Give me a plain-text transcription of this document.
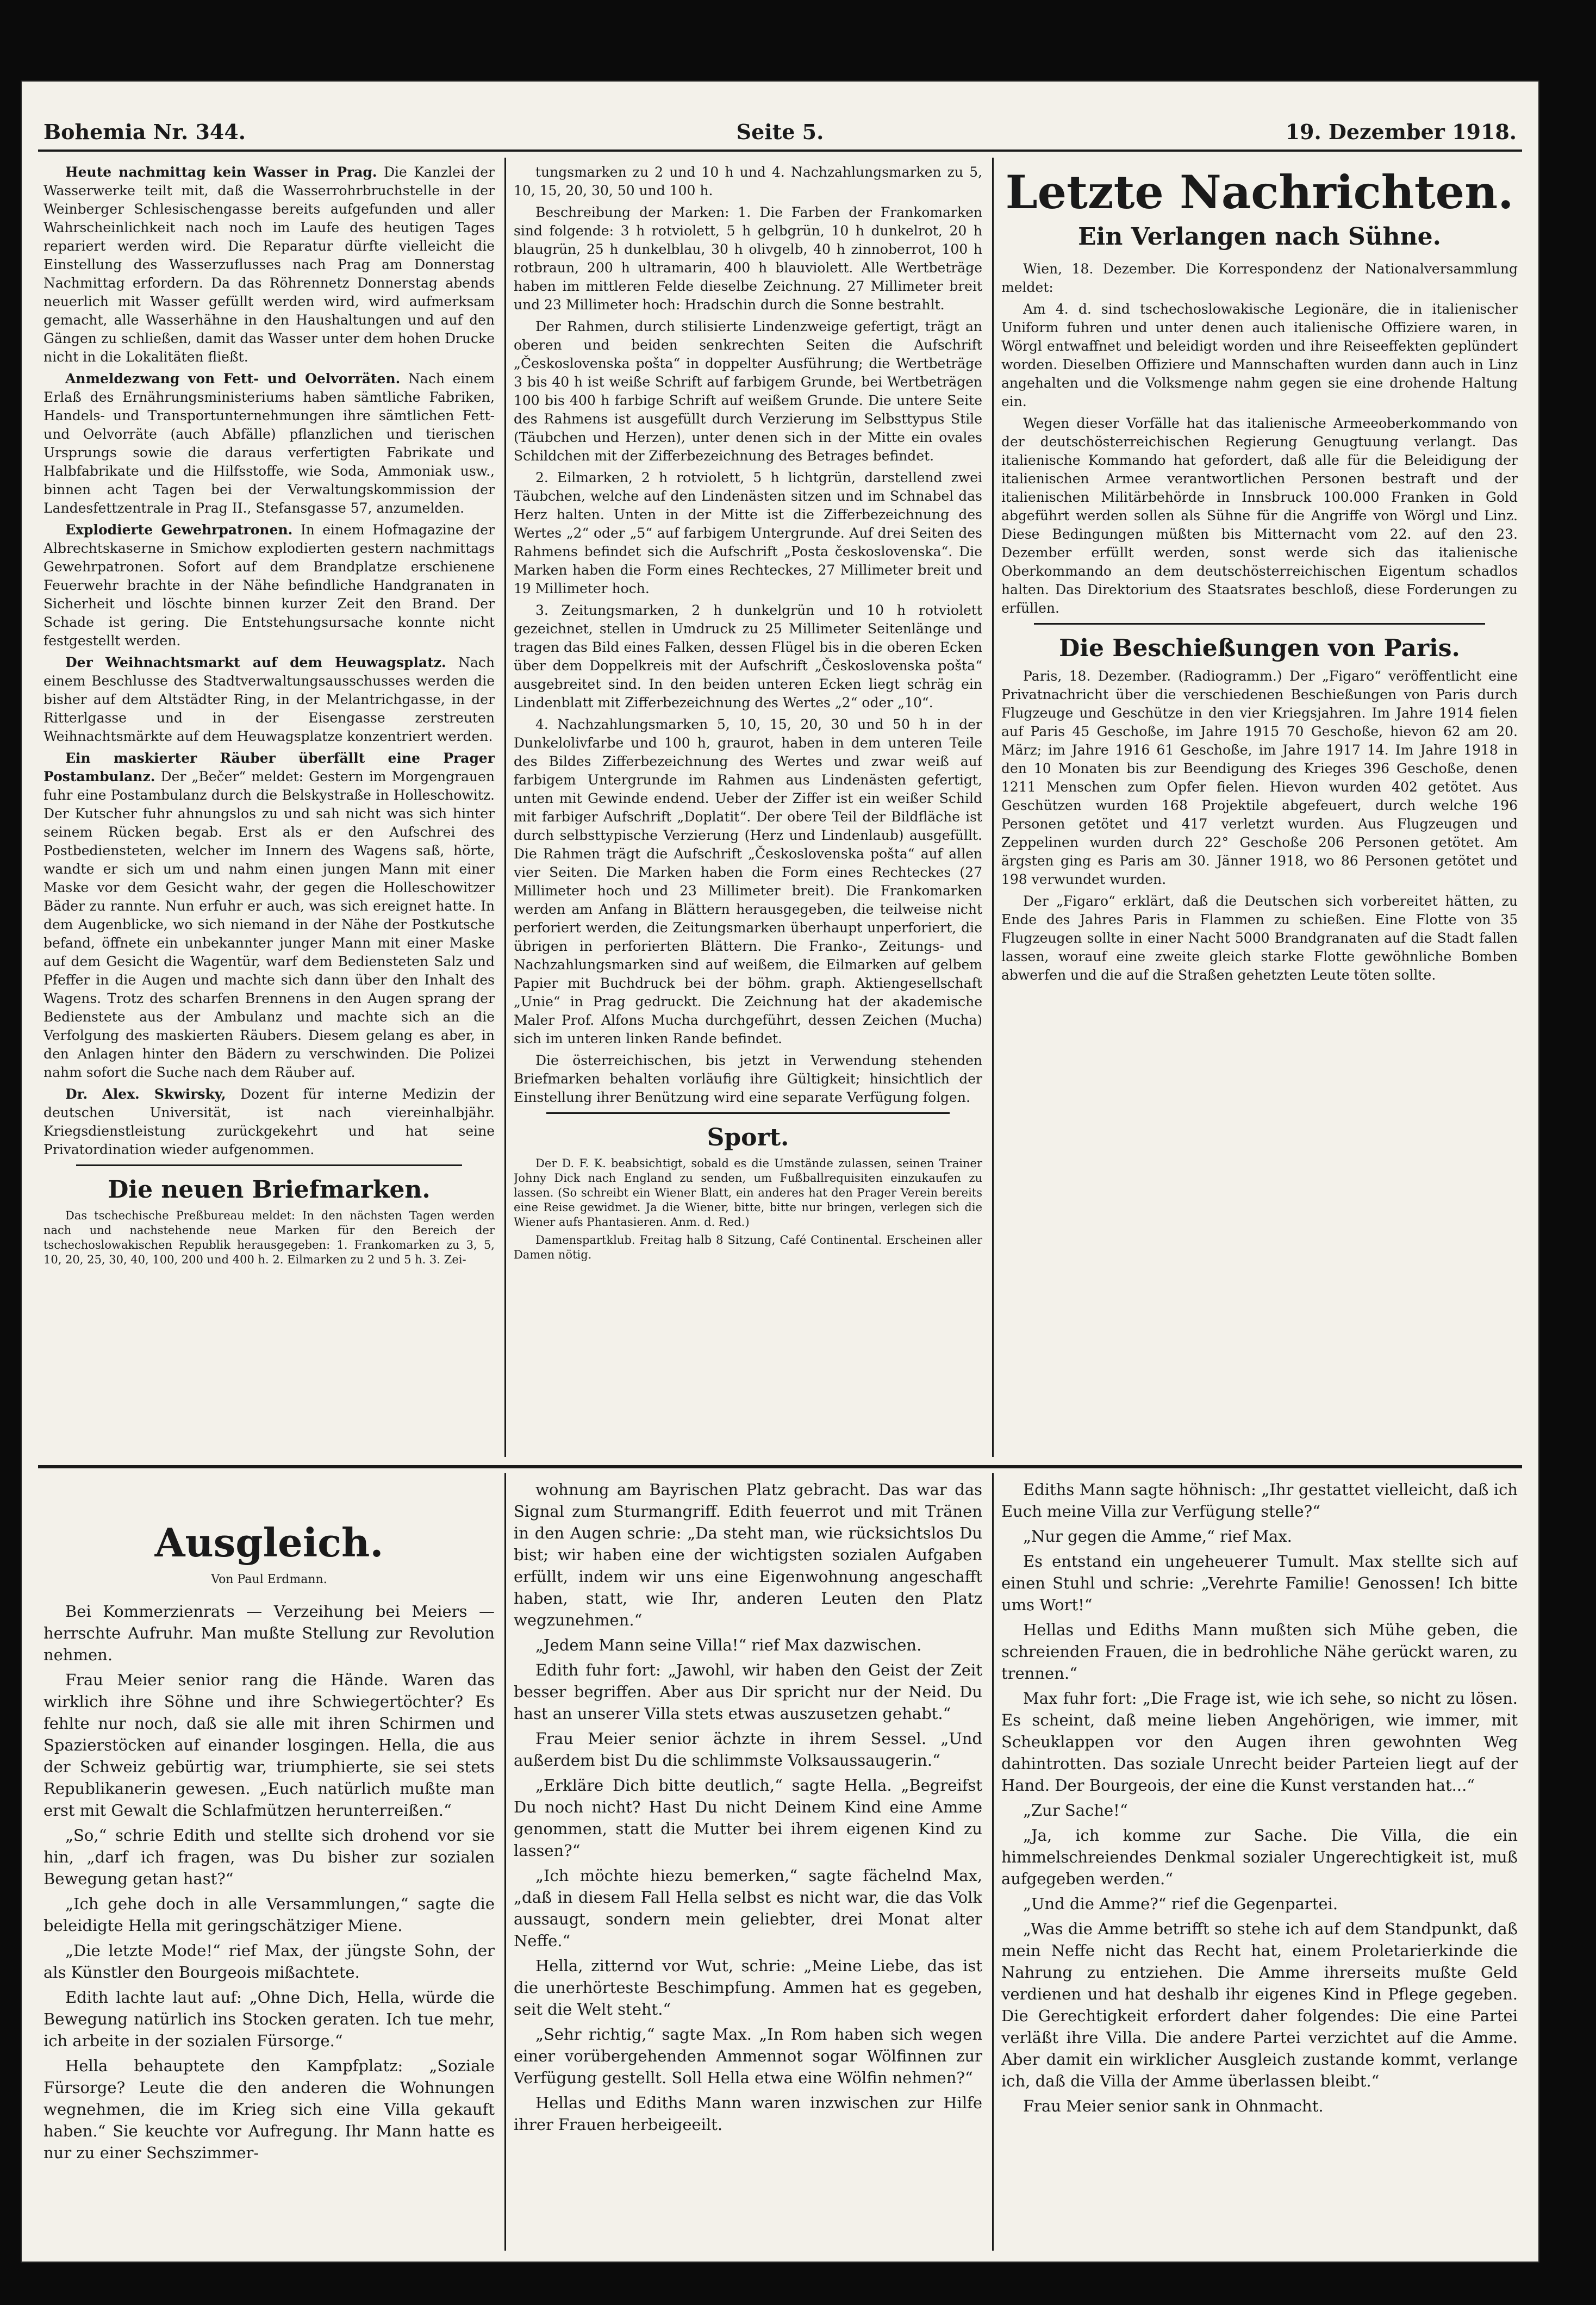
Bohemia Nr. 344.	Seite 5.	19. Dezember 1918.

Heute nachmittag kein Wasser in Prag. Die Kanzlei der Wasserwerke teilt mit, daß die Wasserrohrbruchstelle in der Weinberger Schlesischengasse bereits aufgefunden und aller Wahrscheinlichkeit nach noch im Laufe des heutigen Tages repariert werden wird. Die Reparatur dürfte vielleicht die Einstellung des Wasserzuflusses nach Prag am Donnerstag Nachmittag erfordern. Da das Röhrennetz Donnerstag abends neuerlich mit Wasser gefüllt werden wird, wird aufmerksam gemacht, alle Wasserhähne in den Haushaltungen und auf den Gängen zu schließen, damit das Wasser unter dem hohen Drucke nicht in die Lokalitäten fließt.

Anmeldezwang von Fett- und Oelvorräten. Nach einem Erlaß des Ernährungsministeriums haben sämtliche Fabriken, Handels- und Transportunternehmungen ihre sämtlichen Fett- und Oelvorräte (auch Abfälle) pflanzlichen und tierischen Ursprungs sowie die daraus verfertigten Fabrikate und Halbfabrikate und die Hilfsstoffe, wie Soda, Ammoniak usw., binnen acht Tagen bei der Verwaltungskommission der Landesfettzentrale in Prag II., Stefansgasse 57, anzumelden.

Explodierte Gewehrpatronen. In einem Hofmagazine der Albrechtskaserne in Smichow explodierten gestern nachmittags Gewehrpatronen. Sofort auf dem Brandplatze erschienene Feuerwehr brachte in der Nähe befindliche Handgranaten in Sicherheit und löschte binnen kurzer Zeit den Brand. Der Schade ist gering. Die Entstehungsursache konnte nicht festgestellt werden.

Der Weihnachtsmarkt auf dem Heuwagsplatz. Nach einem Beschlusse des Stadtverwaltungsausschusses werden die bisher auf dem Altstädter Ring, in der Melantrichgasse, in der Ritterlgasse und in der Eisengasse zerstreuten Weihnachtsmärkte auf dem Heuwagsplatze konzentriert werden.

Ein maskierter Räuber überfällt eine Prager Postambulanz. Der „Bečer“ meldet: Gestern im Morgengrauen fuhr eine Postambulanz durch die Belskystraße in Holleschowitz. Der Kutscher fuhr ahnungslos zu und sah nicht was sich hinter seinem Rücken begab. Erst als er den Aufschrei des Postbediensteten, welcher im Innern des Wagens saß, hörte, wandte er sich um und nahm einen jungen Mann mit einer Maske vor dem Gesicht wahr, der gegen die Holleschowitzer Bäder zu rannte. Nun erfuhr er auch, was sich ereignet hatte. In dem Augenblicke, wo sich niemand in der Nähe der Postkutsche befand, öffnete ein unbekannter junger Mann mit einer Maske auf dem Gesicht die Wagentür, warf dem Bediensteten Salz und Pfeffer in die Augen und machte sich dann über den Inhalt des Wagens. Trotz des scharfen Brennens in den Augen sprang der Bedienstete aus der Ambulanz und machte sich an die Verfolgung des maskierten Räubers. Diesem gelang es aber, in den Anlagen hinter den Bädern zu verschwinden. Die Polizei nahm sofort die Suche nach dem Räuber auf.

Dr. Alex. Skwirsky, Dozent für interne Medizin der deutschen Universität, ist nach viereinhalbjähr. Kriegsdienstleistung zurückgekehrt und hat seine Privatordination wieder aufgenommen.

Die neuen Briefmarken.

Das tschechische Preßbureau meldet: In den nächsten Tagen werden nach und nachstehende neue Marken für den Bereich der tschechoslowakischen Republik herausgegeben: 1. Frankomarken zu 3, 5, 10, 20, 25, 30, 40, 100, 200 und 400 h. 2. Eilmarken zu 2 und 5 h. 3. Zei-

tungsmarken zu 2 und 10 h und 4. Nachzahlungsmarken zu 5, 10, 15, 20, 30, 50 und 100 h.

Beschreibung der Marken: 1. Die Farben der Frankomarken sind folgende: 3 h rotviolett, 5 h gelbgrün, 10 h dunkelrot, 20 h blaugrün, 25 h dunkelblau, 30 h olivgelb, 40 h zinnoberrot, 100 h rotbraun, 200 h ultramarin, 400 h blauviolett. Alle Wertbeträge haben im mittleren Felde dieselbe Zeichnung. 27 Millimeter breit und 23 Millimeter hoch: Hradschin durch die Sonne bestrahlt.

Der Rahmen, durch stilisierte Lindenzweige gefertigt, trägt an oberen und beiden senkrechten Seiten die Aufschrift „Československa pošta“ in doppelter Ausführung; die Wertbeträge 3 bis 40 h ist weiße Schrift auf farbigem Grunde, bei Wertbeträgen 100 bis 400 h farbige Schrift auf weißem Grunde. Die untere Seite des Rahmens ist ausgefüllt durch Verzierung im Selbsttypus Stile (Täubchen und Herzen), unter denen sich in der Mitte ein ovales Schildchen mit der Zifferbezeichnung des Betrages befindet.

2. Eilmarken, 2 h rotviolett, 5 h lichtgrün, darstellend zwei Täubchen, welche auf den Lindenästen sitzen und im Schnabel das Herz halten. Unten in der Mitte ist die Zifferbezeichnung des Wertes „2“ oder „5“ auf farbigem Untergrunde. Auf drei Seiten des Rahmens befindet sich die Aufschrift „Posta československa“. Die Marken haben die Form eines Rechteckes, 27 Millimeter breit und 19 Millimeter hoch.

3. Zeitungsmarken, 2 h dunkelgrün und 10 h rotviolett gezeichnet, stellen in Umdruck zu 25 Millimeter Seitenlänge und tragen das Bild eines Falken, dessen Flügel bis in die oberen Ecken über dem Doppelkreis mit der Aufschrift „Československa pošta“ ausgebreitet sind. In den beiden unteren Ecken liegt schräg ein Lindenblatt mit Zifferbezeichnung des Wertes „2“ oder „10“.

4. Nachzahlungsmarken 5, 10, 15, 20, 30 und 50 h in der Dunkelolivfarbe und 100 h, graurot, haben in dem unteren Teile des Bildes Zifferbezeichnung des Wertes und zwar weiß auf farbigem Untergrunde im Rahmen aus Lindenästen gefertigt, unten mit Gewinde endend. Ueber der Ziffer ist ein weißer Schild mit farbiger Aufschrift „Doplatit“. Der obere Teil der Bildfläche ist durch selbsttypische Verzierung (Herz und Lindenlaub) ausgefüllt. Die Rahmen trägt die Aufschrift „Československa pošta“ auf allen vier Seiten. Die Marken haben die Form eines Rechteckes (27 Millimeter hoch und 23 Millimeter breit). Die Frankomarken werden am Anfang in Blättern herausgegeben, die teilweise nicht perforiert werden, die Zeitungsmarken überhaupt unperforiert, die übrigen in perforierten Blättern. Die Franko-, Zeitungs- und Nachzahlungsmarken sind auf weißem, die Eilmarken auf gelbem Papier mit Buchdruck bei der böhm. graph. Aktiengesellschaft „Unie“ in Prag gedruckt. Die Zeichnung hat der akademische Maler Prof. Alfons Mucha durchgeführt, dessen Zeichen (Mucha) sich im unteren linken Rande befindet.

Die österreichischen, bis jetzt in Verwendung stehenden Briefmarken behalten vorläufig ihre Gültigkeit; hinsichtlich der Einstellung ihrer Benützung wird eine separate Verfügung folgen.

Sport.

Der D. F. K. beabsichtigt, sobald es die Umstände zulassen, seinen Trainer Johny Dick nach England zu senden, um Fußballrequisiten einzukaufen zu lassen. (So schreibt ein Wiener Blatt, ein anderes hat den Prager Verein bereits eine Reise gewidmet. Ja die Wiener, bitte, bitte nur bringen, verlegen sich die Wiener aufs Phantasieren. Anm. d. Red.)

Damenspartklub. Freitag halb 8 Sitzung, Café Continental. Erscheinen aller Damen nötig.

Letzte Nachrichten.
Ein Verlangen nach Sühne.

Wien, 18. Dezember. Die Korrespondenz der Nationalversammlung meldet:

Am 4. d. sind tschechoslowakische Legionäre, die in italienischer Uniform fuhren und unter denen auch italienische Offiziere waren, in Wörgl entwaffnet und beleidigt worden und ihre Reiseeffekten geplündert worden. Dieselben Offiziere und Mannschaften wurden dann auch in Linz angehalten und die Volksmenge nahm gegen sie eine drohende Haltung ein.

Wegen dieser Vorfälle hat das italienische Armeeoberkommando von der deutschösterreichischen Regierung Genugtuung verlangt. Das italienische Kommando hat gefordert, daß alle für die Beleidigung der italienischen Armee verantwortlichen Personen bestraft und der italienischen Militärbehörde in Innsbruck 100.000 Franken in Gold abgeführt werden sollen als Sühne für die Angriffe von Wörgl und Linz. Diese Bedingungen müßten bis Mitternacht vom 22. auf den 23. Dezember erfüllt werden, sonst werde sich das italienische Oberkommando an dem deutschösterreichischen Eigentum schadlos halten. Das Direktorium des Staatsrates beschloß, diese Forderungen zu erfüllen.

Die Beschießungen von Paris.

Paris, 18. Dezember. (Radiogramm.) Der „Figaro“ veröffentlicht eine Privatnachricht über die verschiedenen Beschießungen von Paris durch Flugzeuge und Geschütze in den vier Kriegsjahren. Im Jahre 1914 fielen auf Paris 45 Geschoße, im Jahre 1915 70 Geschoße, hievon 62 am 20. März; im Jahre 1916 61 Geschoße, im Jahre 1917 14. Im Jahre 1918 in den 10 Monaten bis zur Beendigung des Krieges 396 Geschoße, denen 1211 Menschen zum Opfer fielen. Hievon wurden 402 getötet. Aus Geschützen wurden 168 Projektile abgefeuert, durch welche 196 Personen getötet und 417 verletzt wurden. Aus Flugzeugen und Zeppelinen wurden durch 22° Geschoße 206 Personen getötet. Am ärgsten ging es Paris am 30. Jänner 1918, wo 86 Personen getötet und 198 verwundet wurden.

Der „Figaro“ erklärt, daß die Deutschen sich vorbereitet hätten, zu Ende des Jahres Paris in Flammen zu schießen. Eine Flotte von 35 Flugzeugen sollte in einer Nacht 5000 Brandgranaten auf die Stadt fallen lassen, worauf eine zweite gleich starke Flotte gewöhnliche Bomben abwerfen und die auf die Straßen gehetzten Leute töten sollte.

Ausgleich.
Von Paul Erdmann.

Bei Kommerzienrats — Verzeihung bei Meiers — herrschte Aufruhr. Man mußte Stellung zur Revolution nehmen.

Frau Meier senior rang die Hände. Waren das wirklich ihre Söhne und ihre Schwiegertöchter? Es fehlte nur noch, daß sie alle mit ihren Schirmen und Spazierstöcken auf einander losgingen. Hella, die aus der Schweiz gebürtig war, triumphierte, sie sei stets Republikanerin gewesen. „Euch natürlich mußte man erst mit Gewalt die Schlafmützen herunterreißen.“

„So,“ schrie Edith und stellte sich drohend vor sie hin, „darf ich fragen, was Du bisher zur sozialen Bewegung getan hast?“

„Ich gehe doch in alle Versammlungen,“ sagte die beleidigte Hella mit geringschätziger Miene.

„Die letzte Mode!“ rief Max, der jüngste Sohn, der als Künstler den Bourgeois mißachtete.

Edith lachte laut auf: „Ohne Dich, Hella, würde die Bewegung natürlich ins Stocken geraten. Ich tue mehr, ich arbeite in der sozialen Fürsorge.“

Hella behauptete den Kampfplatz: „Soziale Fürsorge? Leute die den anderen die Wohnungen wegnehmen, die im Krieg sich eine Villa gekauft haben.“ Sie keuchte vor Aufregung. Ihr Mann hatte es nur zu einer Sechszimmer-

wohnung am Bayrischen Platz gebracht. Das war das Signal zum Sturmangriff. Edith feuerrot und mit Tränen in den Augen schrie: „Da steht man, wie rücksichtslos Du bist; wir haben eine der wichtigsten sozialen Aufgaben erfüllt, indem wir uns eine Eigenwohnung angeschafft haben, statt, wie Ihr, anderen Leuten den Platz wegzunehmen.“

„Jedem Mann seine Villa!“ rief Max dazwischen.

Edith fuhr fort: „Jawohl, wir haben den Geist der Zeit besser begriffen. Aber aus Dir spricht nur der Neid. Du hast an unserer Villa stets etwas auszusetzen gehabt.“

Frau Meier senior ächzte in ihrem Sessel. „Und außerdem bist Du die schlimmste Volksaussaugerin.“

„Erkläre Dich bitte deutlich,“ sagte Hella. „Begreifst Du noch nicht? Hast Du nicht Deinem Kind eine Amme genommen, statt die Mutter bei ihrem eigenen Kind zu lassen?“

„Ich möchte hiezu bemerken,“ sagte fächelnd Max, „daß in diesem Fall Hella selbst es nicht war, die das Volk aussaugt, sondern mein geliebter, drei Monat alter Neffe.“

Hella, zitternd vor Wut, schrie: „Meine Liebe, das ist die unerhörteste Beschimpfung. Ammen hat es gegeben, seit die Welt steht.“

„Sehr richtig,“ sagte Max. „In Rom haben sich wegen einer vorübergehenden Ammennot sogar Wölfinnen zur Verfügung gestellt. Soll Hella etwa eine Wölfin nehmen?“

Hellas und Ediths Mann waren inzwischen zur Hilfe ihrer Frauen herbeigeeilt.

Ediths Mann sagte höhnisch: „Ihr gestattet vielleicht, daß ich Euch meine Villa zur Verfügung stelle?“

„Nur gegen die Amme,“ rief Max.

Es entstand ein ungeheuerer Tumult. Max stellte sich auf einen Stuhl und schrie: „Verehrte Familie! Genossen! Ich bitte ums Wort!“

Hellas und Ediths Mann mußten sich Mühe geben, die schreienden Frauen, die in bedrohliche Nähe gerückt waren, zu trennen.“

Max fuhr fort: „Die Frage ist, wie ich sehe, so nicht zu lösen. Es scheint, daß meine lieben Angehörigen, wie immer, mit Scheuklappen vor den Augen ihren gewohnten Weg dahintrotten. Das soziale Unrecht beider Parteien liegt auf der Hand. Der Bourgeois, der eine die Kunst verstanden hat...“

„Zur Sache!“

„Ja, ich komme zur Sache. Die Villa, die ein himmelschreiendes Denkmal sozialer Ungerechtigkeit ist, muß aufgegeben werden.“

„Und die Amme?“ rief die Gegenpartei.

„Was die Amme betrifft so stehe ich auf dem Standpunkt, daß mein Neffe nicht das Recht hat, einem Proletarierkinde die Nahrung zu entziehen. Die Amme ihrerseits mußte Geld verdienen und hat deshalb ihr eigenes Kind in Pflege gegeben. Die Gerechtigkeit erfordert daher folgendes: Die eine Partei verläßt ihre Villa. Die andere Partei verzichtet auf die Amme. Aber damit ein wirklicher Ausgleich zustande kommt, verlange ich, daß die Villa der Amme überlassen bleibt.“

Frau Meier senior sank in Ohnmacht.
